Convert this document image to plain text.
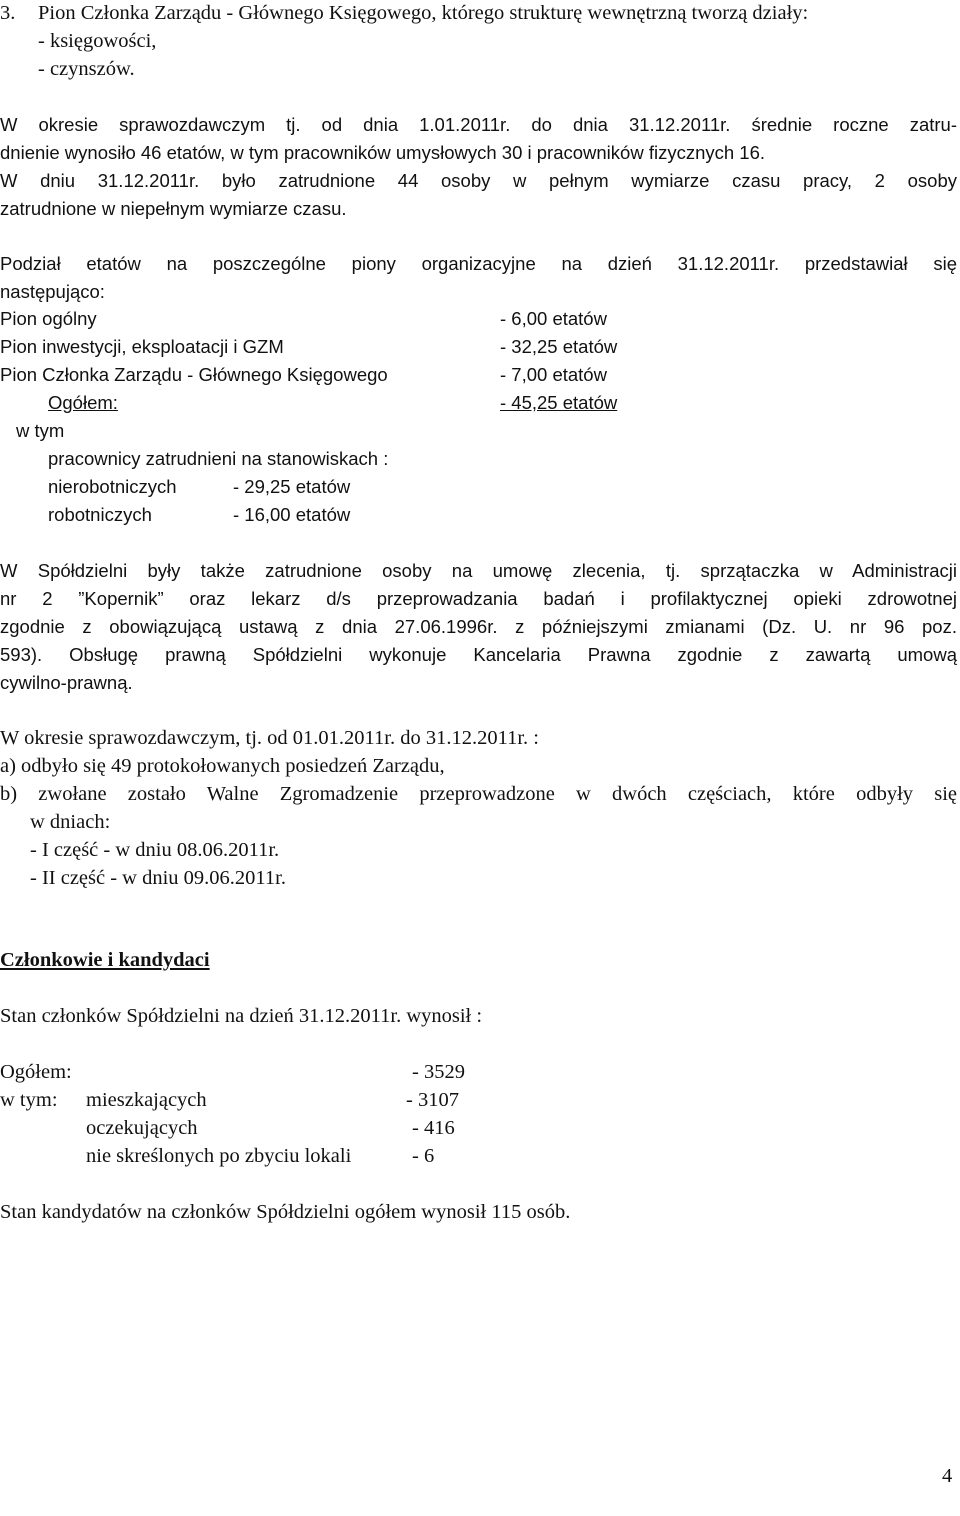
3. Pion Członka Zarządu - Głównego Księgowego, którego strukturę wewnętrzną tworzą działy:
- księgowości,
- czynszów.
W okresie sprawozdawczym tj. od dnia 1.01.2011r. do dnia 31.12.2011r. średnie roczne zatru-
dnienie wynosiło 46 etatów, w tym pracowników umysłowych 30 i pracowników fizycznych 16.
W dniu 31.12.2011r. było zatrudnione 44 osoby w pełnym wymiarze czasu pracy, 2 osoby
zatrudnione w niepełnym wymiarze czasu.
Podział etatów na poszczególne piony organizacyjne na dzień 31.12.2011r. przedstawiał się
następująco:
Pion ogólny	- 6,00 etatów
Pion inwestycji, eksploatacji i GZM	- 32,25 etatów
Pion Członka Zarządu - Głównego Księgowego	- 7,00 etatów
Ogółem:	- 45,25 etatów
w tym
pracownicy zatrudnieni na stanowiskach :
nierobotniczych	- 29,25 etatów
robotniczych	- 16,00 etatów
W Spółdzielni były także zatrudnione osoby na umowę zlecenia, tj. sprzątaczka w Administracji
nr 2 ”Kopernik” oraz lekarz d/s przeprowadzania badań i profilaktycznej opieki zdrowotnej
zgodnie z obowiązującą ustawą z dnia 27.06.1996r. z późniejszymi zmianami (Dz. U. nr 96 poz.
593). Obsługę prawną Spółdzielni wykonuje Kancelaria Prawna zgodnie z zawartą umową
cywilno-prawną.
W okresie sprawozdawczym, tj. od 01.01.2011r. do 31.12.2011r. :
a) odbyło się 49 protokołowanych posiedzeń Zarządu,
b) zwołane zostało Walne Zgromadzenie przeprowadzone w dwóch częściach, które odbyły się
w dniach:
- I część - w dniu 08.06.2011r.
- II część - w dniu 09.06.2011r.
Członkowie i kandydaci
Stan członków Spółdzielni na dzień 31.12.2011r. wynosił :
Ogółem:	- 3529
w tym: mieszkających	- 3107
oczekujących	- 416
nie skreślonych po zbyciu lokali	- 6
Stan kandydatów na członków Spółdzielni ogółem wynosił 115 osób.
4
